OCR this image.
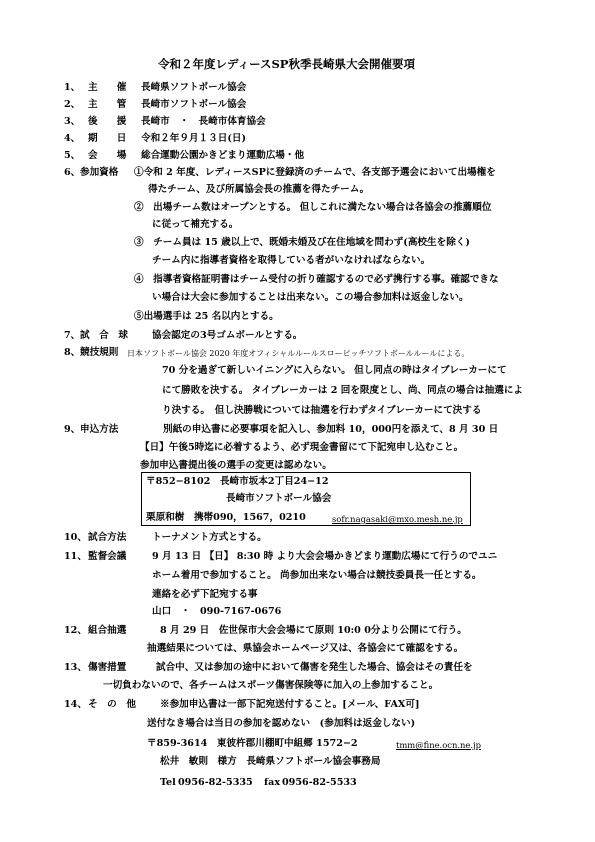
令和２年度レディースSP秋季長崎県大会開催要項
1、 主　　催 長崎県ソフトボール協会
2、 主　　管 長崎市ソフトボール協会
3、 後　　援 長崎市　・　長崎市体育協会
4、 期　　日 令和２年９月１３日(日)
5、 会　　場 総合運動公園かきどまり運動広場・他
6、 参加資格 ①令和 2 年度、レディースSPに登録済のチームで、各支部予選会において出場権を
得たチーム、及び所属協会長の推薦を得たチーム。
②　出場チーム数はオープンとする。 但しこれに満たない場合は各協会の推薦順位
に従って補充する。
③　チーム員は 15 歳以上で、既婚未婚及び在住地域を問わず(高校生を除く)
チーム内に指導者資格を取得している者がいなければならない。
④　指導者資格証明書はチーム受付の折り確認するので必ず携行する事。確認できな
い場合は大会に参加することは出来ない。この場合参加料は返金しない。
⑤出場選手は 25 名以内とする。
7、 試　合　球	協会認定の3号ゴムボールとする。
8、 競技規則 日本ソフトボール協会 2020 年度オフィシャルルールスローピッチソフトボールルールによる。
70 分を過ぎて新しいイニングに入らない。 但し同点の時はタイブレーカーにて
にて勝敗を決する。 タイブレーカーは 2 回を限度とし、尚、同点の場合は抽選によ
り決する。　但し決勝戦については抽選を行わずタイブレーカーにて決する
9、 申込方法	別紙の申込書に必要事項を記入し、参加料 10，000円を添えて、8 月 30 日
【日】午後5時迄に必着するよう、必ず現金書留にて下記宛申し込むこと。
参加申込書提出後の選手の変更は認めない。
〒852−8102　長崎市坂本2丁目24−12
長崎市ソフトボール協会
栗原和樹　携帯090，1567，0210	sofr.nagasaki@mxo.mesh.ne.jp
10、 試合方法	トーナメント方式とする。
11、 監督会議	9 月 13 日 【日】 8:30 時 より大会会場かきどまり運動広場にて行うのでユニ
ホーム着用で参加すること。 尚参加出来ない場合は競技委員長一任とする。
連絡を必ず下記宛する事
山口　・　090-7167-0676
12、 組合抽選	8 月 29 日　佐世保市大会会場にて原則 10:0 0分より公開にて行う。
抽選結果については、県協会ホームページ又は、各協会にて確認をする。
13、 傷害措置	試合中、又は参加の途中において傷害を発生した場合、協会はその責任を
一切負わないので、各チームはスポーツ傷害保険等に加入の上参加すること。
14、 そ　の　他	※参加申込書は一部下記宛送付すること。[メール、FAX可]
送付なき場合は当日の参加を認めない　(参加料は返金しない)
〒859-3614　東彼杵郡川棚町中組郷 1572−2	tmm@fine.ocn.ne.jp
松井　敏則　様方　長崎県ソフトボール協会事務局
Tel 0956-82-5335 fax 0956-82-5533
